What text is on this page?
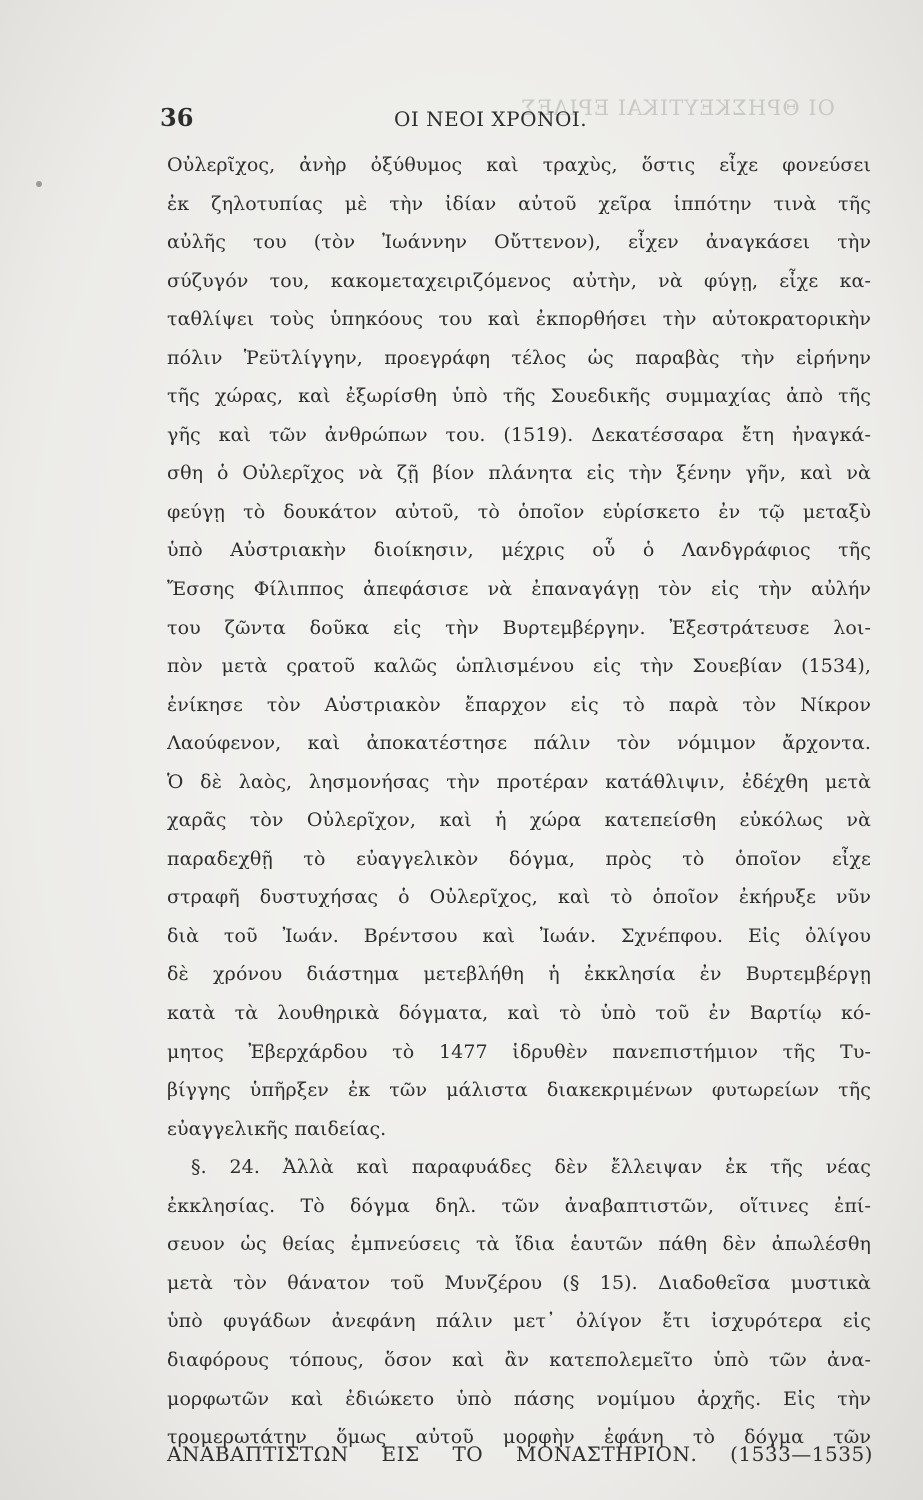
ΟΙ ΘΡΗΣΚΕΥΤΙΚΑΙ ΕΡΙΔΕΣ
36	ΟΙ ΝΕΟΙ ΧΡΟΝΟΙ.
Οὐλερῖχος, ἀνὴρ ὀξύθυμος καὶ τραχὺς, ὅστις εἶχε φονεύσει
ἐκ ζηλοτυπίας μὲ τὴν ἰδίαν αὐτοῦ χεῖρα ἱππότην τινὰ τῆς
αὐλῆς του (τὸν Ἰωάννην Οὔττενον), εἶχεν ἀναγκάσει τὴν
σύζυγόν του, κακομεταχειριζόμενος αὐτὴν, νὰ φύγῃ, εἶχε κα-
ταθλίψει τοὺς ὑπηκόους του καὶ ἐκπορθήσει τὴν αὐτοκρατορικὴν
πόλιν Ῥεϋτλίγγην, προεγράφη τέλος ὡς παραβὰς τὴν εἰρήνην
τῆς χώρας, καὶ ἐξωρίσθη ὑπὸ τῆς Σουεδικῆς συμμαχίας ἀπὸ τῆς
γῆς καὶ τῶν ἀνθρώπων του. (1519). Δεκατέσσαρα ἔτη ἠναγκά-
σθη ὁ Οὐλερῖχος νὰ ζῇ βίον πλάνητα εἰς τὴν ξένην γῆν, καὶ νὰ
φεύγῃ τὸ δουκάτον αὐτοῦ, τὸ ὁποῖον εὑρίσκετο ἐν τῷ μεταξὺ
ὑπὸ Αὐστριακὴν διοίκησιν, μέχρις οὗ ὁ Λανδγράφιος τῆς
Ἔσσης Φίλιππος ἀπεφάσισε νὰ ἐπαναγάγῃ τὸν εἰς τὴν αὐλήν
του ζῶντα δοῦκα εἰς τὴν Βυρτεμβέργην. Ἐξεστράτευσε λοι-
πὸν μετὰ ςρατοῦ καλῶς ὡπλισμένου εἰς τὴν Σουεβίαν (1534),
ἐνίκησε τὸν Αὐστριακὸν ἔπαρχον εἰς τὸ παρὰ τὸν Νίκρον
Λαούφενον, καὶ ἀποκατέστησε πάλιν τὸν νόμιμον ἄρχοντα.
Ὁ δὲ λαὸς, λησμονήσας τὴν προτέραν κατάθλιψιν, ἐδέχθη μετὰ
χαρᾶς τὸν Οὐλερῖχον, καὶ ἡ χώρα κατεπείσθη εὐκόλως νὰ
παραδεχθῇ τὸ εὐαγγελικὸν δόγμα, πρὸς τὸ ὁποῖον εἶχε
στραφῆ δυστυχήσας ὁ Οὐλερῖχος, καὶ τὸ ὁποῖον ἐκήρυξε νῦν
διὰ τοῦ Ἰωάν. Βρέντσου καὶ Ἰωάν. Σχνέπφου. Εἰς ὀλίγου
δὲ χρόνου διάστημα μετεβλήθη ἡ ἐκκλησία ἐν Βυρτεμβέργῃ
κατὰ τὰ λουθηρικὰ δόγματα, καὶ τὸ ὑπὸ τοῦ ἐν Βαρτίῳ κό-
μητος Ἐβερχάρδου τὸ 1477 ἱδρυθὲν πανεπιστήμιον τῆς Τυ-
βίγγης ὑπῆρξεν ἐκ τῶν μάλιστα διακεκριμένων φυτωρείων τῆς
εὐαγγελικῆς παιδείας.
§. 24. Ἀλλὰ καὶ παραφυάδες δὲν ἔλλειψαν ἐκ τῆς νέας
ἐκκλησίας. Τὸ δόγμα δηλ. τῶν ἀναβαπτιστῶν, οἵτινες ἐπί-
σευον ὡς θείας ἐμπνεύσεις τὰ ἴδια ἑαυτῶν πάθη δὲν ἀπωλέσθη
μετὰ τὸν θάνατον τοῦ Μυνζέρου (§ 15). Διαδοθεῖσα μυστικὰ
ὑπὸ φυγάδων ἀνεφάνη πάλιν μετ᾽ ὀλίγον ἔτι ἰσχυρότερα εἰς
διαφόρους τόπους, ὅσον καὶ ἂν κατεπολεμεῖτο ὑπὸ τῶν ἀνα-
μορφωτῶν καὶ ἐδιώκετο ὑπὸ πάσης νομίμου ἀρχῆς. Εἰς τὴν
τρομερωτάτην ὅμως αὐτοῦ μορφὴν ἐφάνη τὸ δόγμα τῶν
ΑΝΑΒΑΠΤΙΣΤΩΝ ΕΙΣ ΤΟ ΜΟΝΑΣΤΗΡΙΟΝ. (1533—1535)
